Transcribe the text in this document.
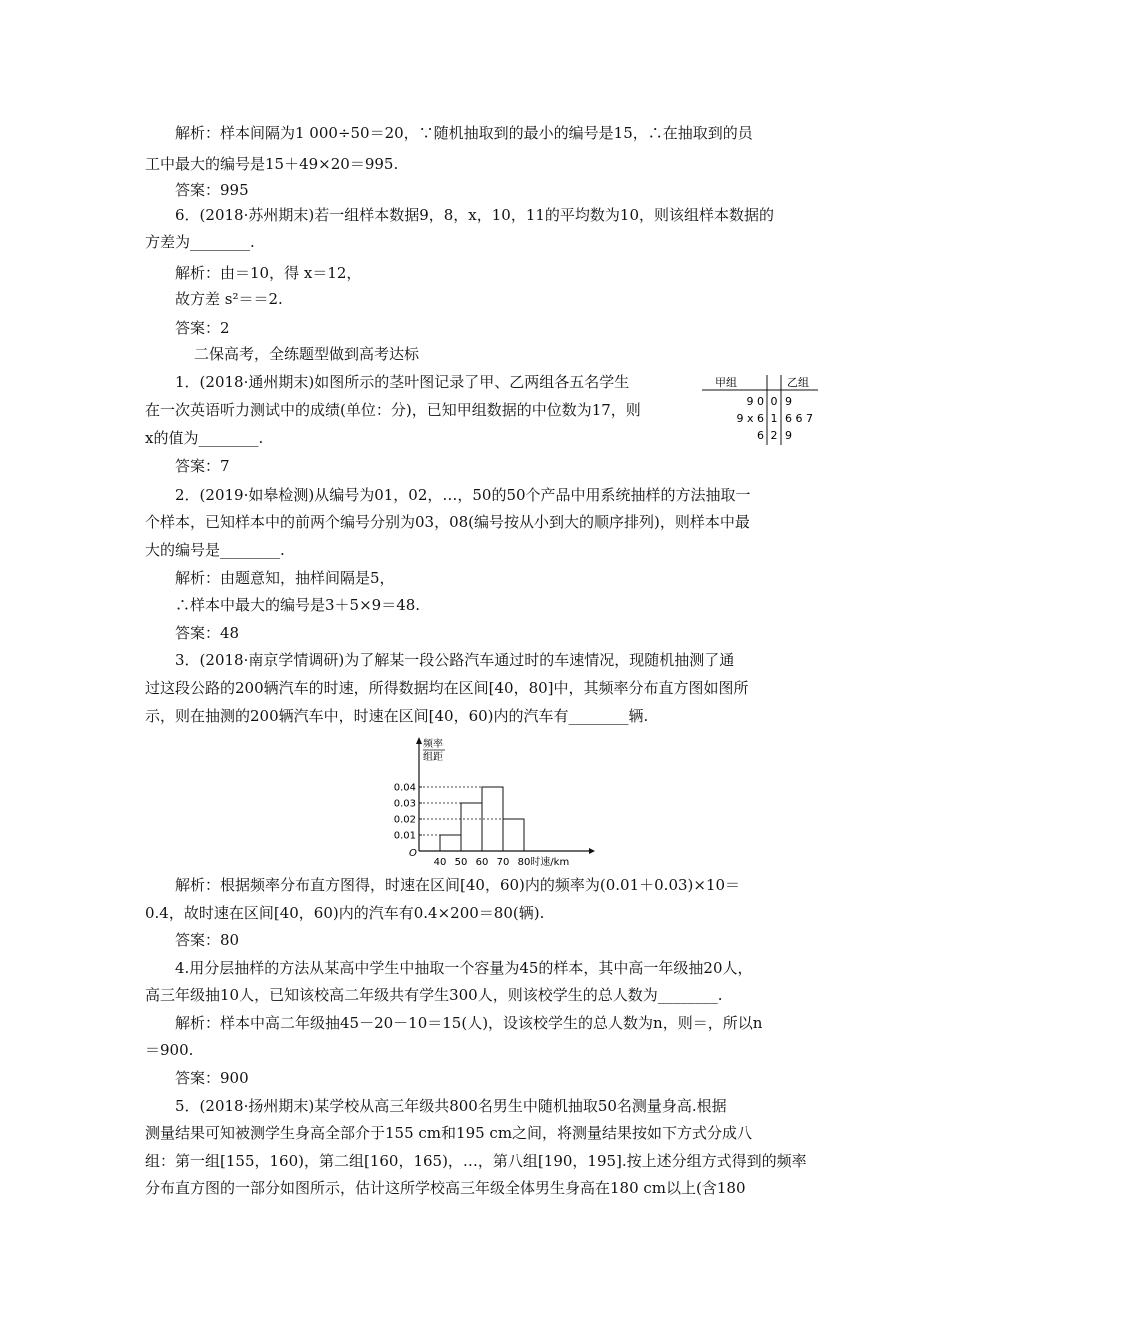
解析：样本间隔为1 000÷50＝20，∵随机抽取到的最小的编号是15，∴在抽取到的员
工中最大的编号是15＋49×20＝995.
答案：995
6．(2018·苏州期末)若一组样本数据9，8，x，10，11的平均数为10，则该组样本数据的
方差为________.
解析：由＝10，得 x＝12，
故方差 s²＝＝2.
答案：2
二保高考，全练题型做到高考达标
1．(2018·通州期末)如图所示的茎叶图记录了甲、乙两组各五名学生
在一次英语听力测试中的成绩(单位：分)，已知甲组数据的中位数为17，则
x的值为________.
答案：7
2．(2019·如皋检测)从编号为01，02，…，50的50个产品中用系统抽样的方法抽取一
个样本，已知样本中的前两个编号分别为03，08(编号按从小到大的顺序排列)，则样本中最
大的编号是________.
解析：由题意知，抽样间隔是5，
∴样本中最大的编号是3＋5×9＝48.
答案：48
3．(2018·南京学情调研)为了解某一段公路汽车通过时的车速情况，现随机抽测了通
过这段公路的200辆汽车的时速，所得数据均在区间[40，80]中，其频率分布直方图如图所
示，则在抽测的200辆汽车中，时速在区间[40，60)内的汽车有________辆.
解析：根据频率分布直方图得，时速在区间[40，60)内的频率为(0.01＋0.03)×10＝
0.4，故时速在区间[40，60)内的汽车有0.4×200＝80(辆).
答案：80
4.用分层抽样的方法从某高中学生中抽取一个容量为45的样本，其中高一年级抽20人，
高三年级抽10人，已知该校高二年级共有学生300人，则该校学生的总人数为________.
解析：样本中高二年级抽45－20－10＝15(人)，设该校学生的总人数为n，则＝，所以n
＝900.
答案：900
5．(2018·扬州期末)某学校从高三年级共800名男生中随机抽取50名测量身高.根据
测量结果可知被测学生身高全部介于155 cm和195 cm之间，将测量结果按如下方式分成八
组：第一组[155，160)，第二组[160，165)，…，第八组[190，195].按上述分组方式得到的频率
分布直方图的一部分如图所示，估计这所学校高三年级全体男生身高在180 cm以上(含180
甲组	乙组
9 0 0 9
9 x 6 1 6 6 7
6 2 9
0.01
0.02
0.03
0.04
40 50 60 70 80
频率
组距
O
时速/km
